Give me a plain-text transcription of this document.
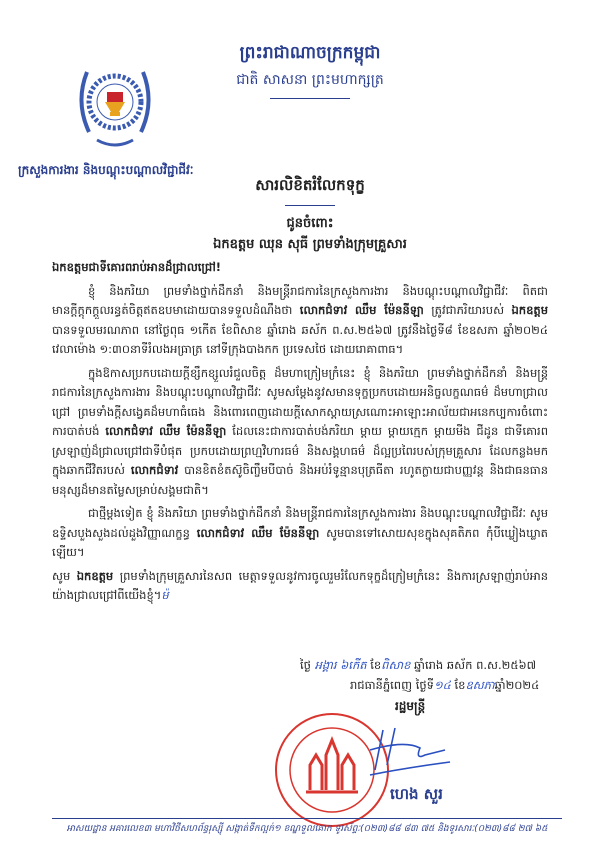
ព្រះរាជាណាចក្រកម្ពុជា
ជាតិ សាសនា ព្រះមហាក្សត្រ
ក្រសួងការងារ និងបណ្តុះបណ្តាលវិជ្ជាជីវៈ
សារលិខិតរំលែកទុក្ខ
ជូនចំពោះ
ឯកឧត្តម ឈុន សុធី ព្រមទាំងក្រុមគ្រួសារ

ឯកឧត្តមជាទីគោរពរាប់អានដ៏ជ្រាលជ្រៅ!

ខ្ញុំ និងភរិយា ព្រមទាំងថ្នាក់ដឹកនាំ និងមន្ត្រីរាជការនៃក្រសួងការងារ និងបណ្តុះបណ្តាលវិជ្ជាជីវៈ ពិតជាមានក្តីក្តុកក្តួលរន្ធត់ចិត្តឥតឧបមាដោយបានទទួលដំណឹងថា លោកជំទាវ ឈឹម ម៉ែននីឡា ត្រូវជាភរិយារបស់ ឯកឧត្តម បានទទួលមរណភាព នៅថ្ងៃពុធ ១កើត ខែពិសាខ ឆ្នាំរោង ឆស័ក ព.ស.២៥៦៧ ត្រូវនឹងថ្ងៃទី៨ ខែឧសភា ឆ្នាំ២០២៤ វេលាម៉ោង ១:៣០នាទីរំលងអធ្រាត្រ នៅទីក្រុងបាងកក ប្រទេសថៃ ដោយរោគាពាធ។

ក្នុងឱកាសប្រកបដោយក្តីខ្សឹកខ្សួលរំជួលចិត្ត ដ៏មហាក្រៀមក្រំនេះ ខ្ញុំ និងភរិយា ព្រមទាំងថ្នាក់ដឹកនាំ និងមន្ត្រីរាជការនៃក្រសួងការងារ និងបណ្តុះបណ្តាលវិជ្ជាជីវៈ សូមសម្តែងនូវសមានទុក្ខប្រកបដោយអនិច្ចលក្ខណធម៌ ដ៏មហាជ្រាលជ្រៅ ព្រមទាំងក្តីសង្វេគដ៏មហាធំធេង និងពោរពេញដោយក្តីសោកស្តាយស្រណោះអាឡោះអាល័យជាអនេកប្បការចំពោះការបាត់បង់ លោកជំទាវ ឈឹម ម៉ែននីឡា ដែលនេះជាការបាត់បង់ភរិយា ម្តាយ ម្តាយក្មេក ម្តាយមីង ជីដូន ជាទីគោរពស្រឡាញ់ដ៏ជ្រាលជ្រៅជាទីបំផុត ប្រកបដោយព្រហ្មវិហារធម៌ និងសង្គហធម៌ ដ៏ល្អប្រពៃរបស់ក្រុមគ្រួសារ ដែលកន្លងមកក្នុងឆាកជីវិតរបស់ លោកជំទាវ បានខិតខំតស៊ូចិញ្ចឹមបីបាច់ និងអប់រំទូន្មានបុត្រធីតា រហូតក្លាយជាបញ្ញវន្ត និងជាធនធានមនុស្សដ៏មានតម្លៃសម្រាប់សង្គមជាតិ។

ជាថ្មីម្តងទៀត ខ្ញុំ និងភរិយា ព្រមទាំងថ្នាក់ដឹកនាំ និងមន្ត្រីរាជការនៃក្រសួងការងារ និងបណ្តុះបណ្តាលវិជ្ជាជីវៈ សូមឧទ្ទិសបួងសួងដល់ដួងវិញ្ញាណក្ខន្ធ លោកជំទាវ ឈឹម ម៉ែននីឡា សូមបានទៅសោយសុខក្នុងសុគតិភព កុំបីឃ្លៀងឃ្លាតឡើយ។

សូម ឯកឧត្តម ព្រមទាំងក្រុមគ្រួសារនៃសព មេត្តាទទួលនូវការចូលរួមរំលែកទុក្ខដ៏ក្រៀមក្រំនេះ និងការស្រឡាញ់រាប់អានយ៉ាងជ្រាលជ្រៅពីយើងខ្ញុំ។ម៉

ថ្ងៃ អង្គារ ៦កើត ខែពិសាខ ឆ្នាំរោង ឆស័ក ព.ស.២៥៦៧
រាជធានីភ្នំពេញ ថ្ងៃទី១៤ ខែឧសភាឆ្នាំ២០២៤
រដ្ឋមន្ត្រី
ហេង សួរ
អាសយដ្ឋាន អគារលេខ៣ មហាវិថីសហព័ន្ធរុស្ស៊ី សង្កាត់ទឹកល្អក់១ ខណ្ឌទួលគោក ទូរស័ព្ទៈ(០២៣)៨៨ ៨៣ ៧៥ និងទូរសារៈ(០២៣)៨៨ ២៧ ៦៥
